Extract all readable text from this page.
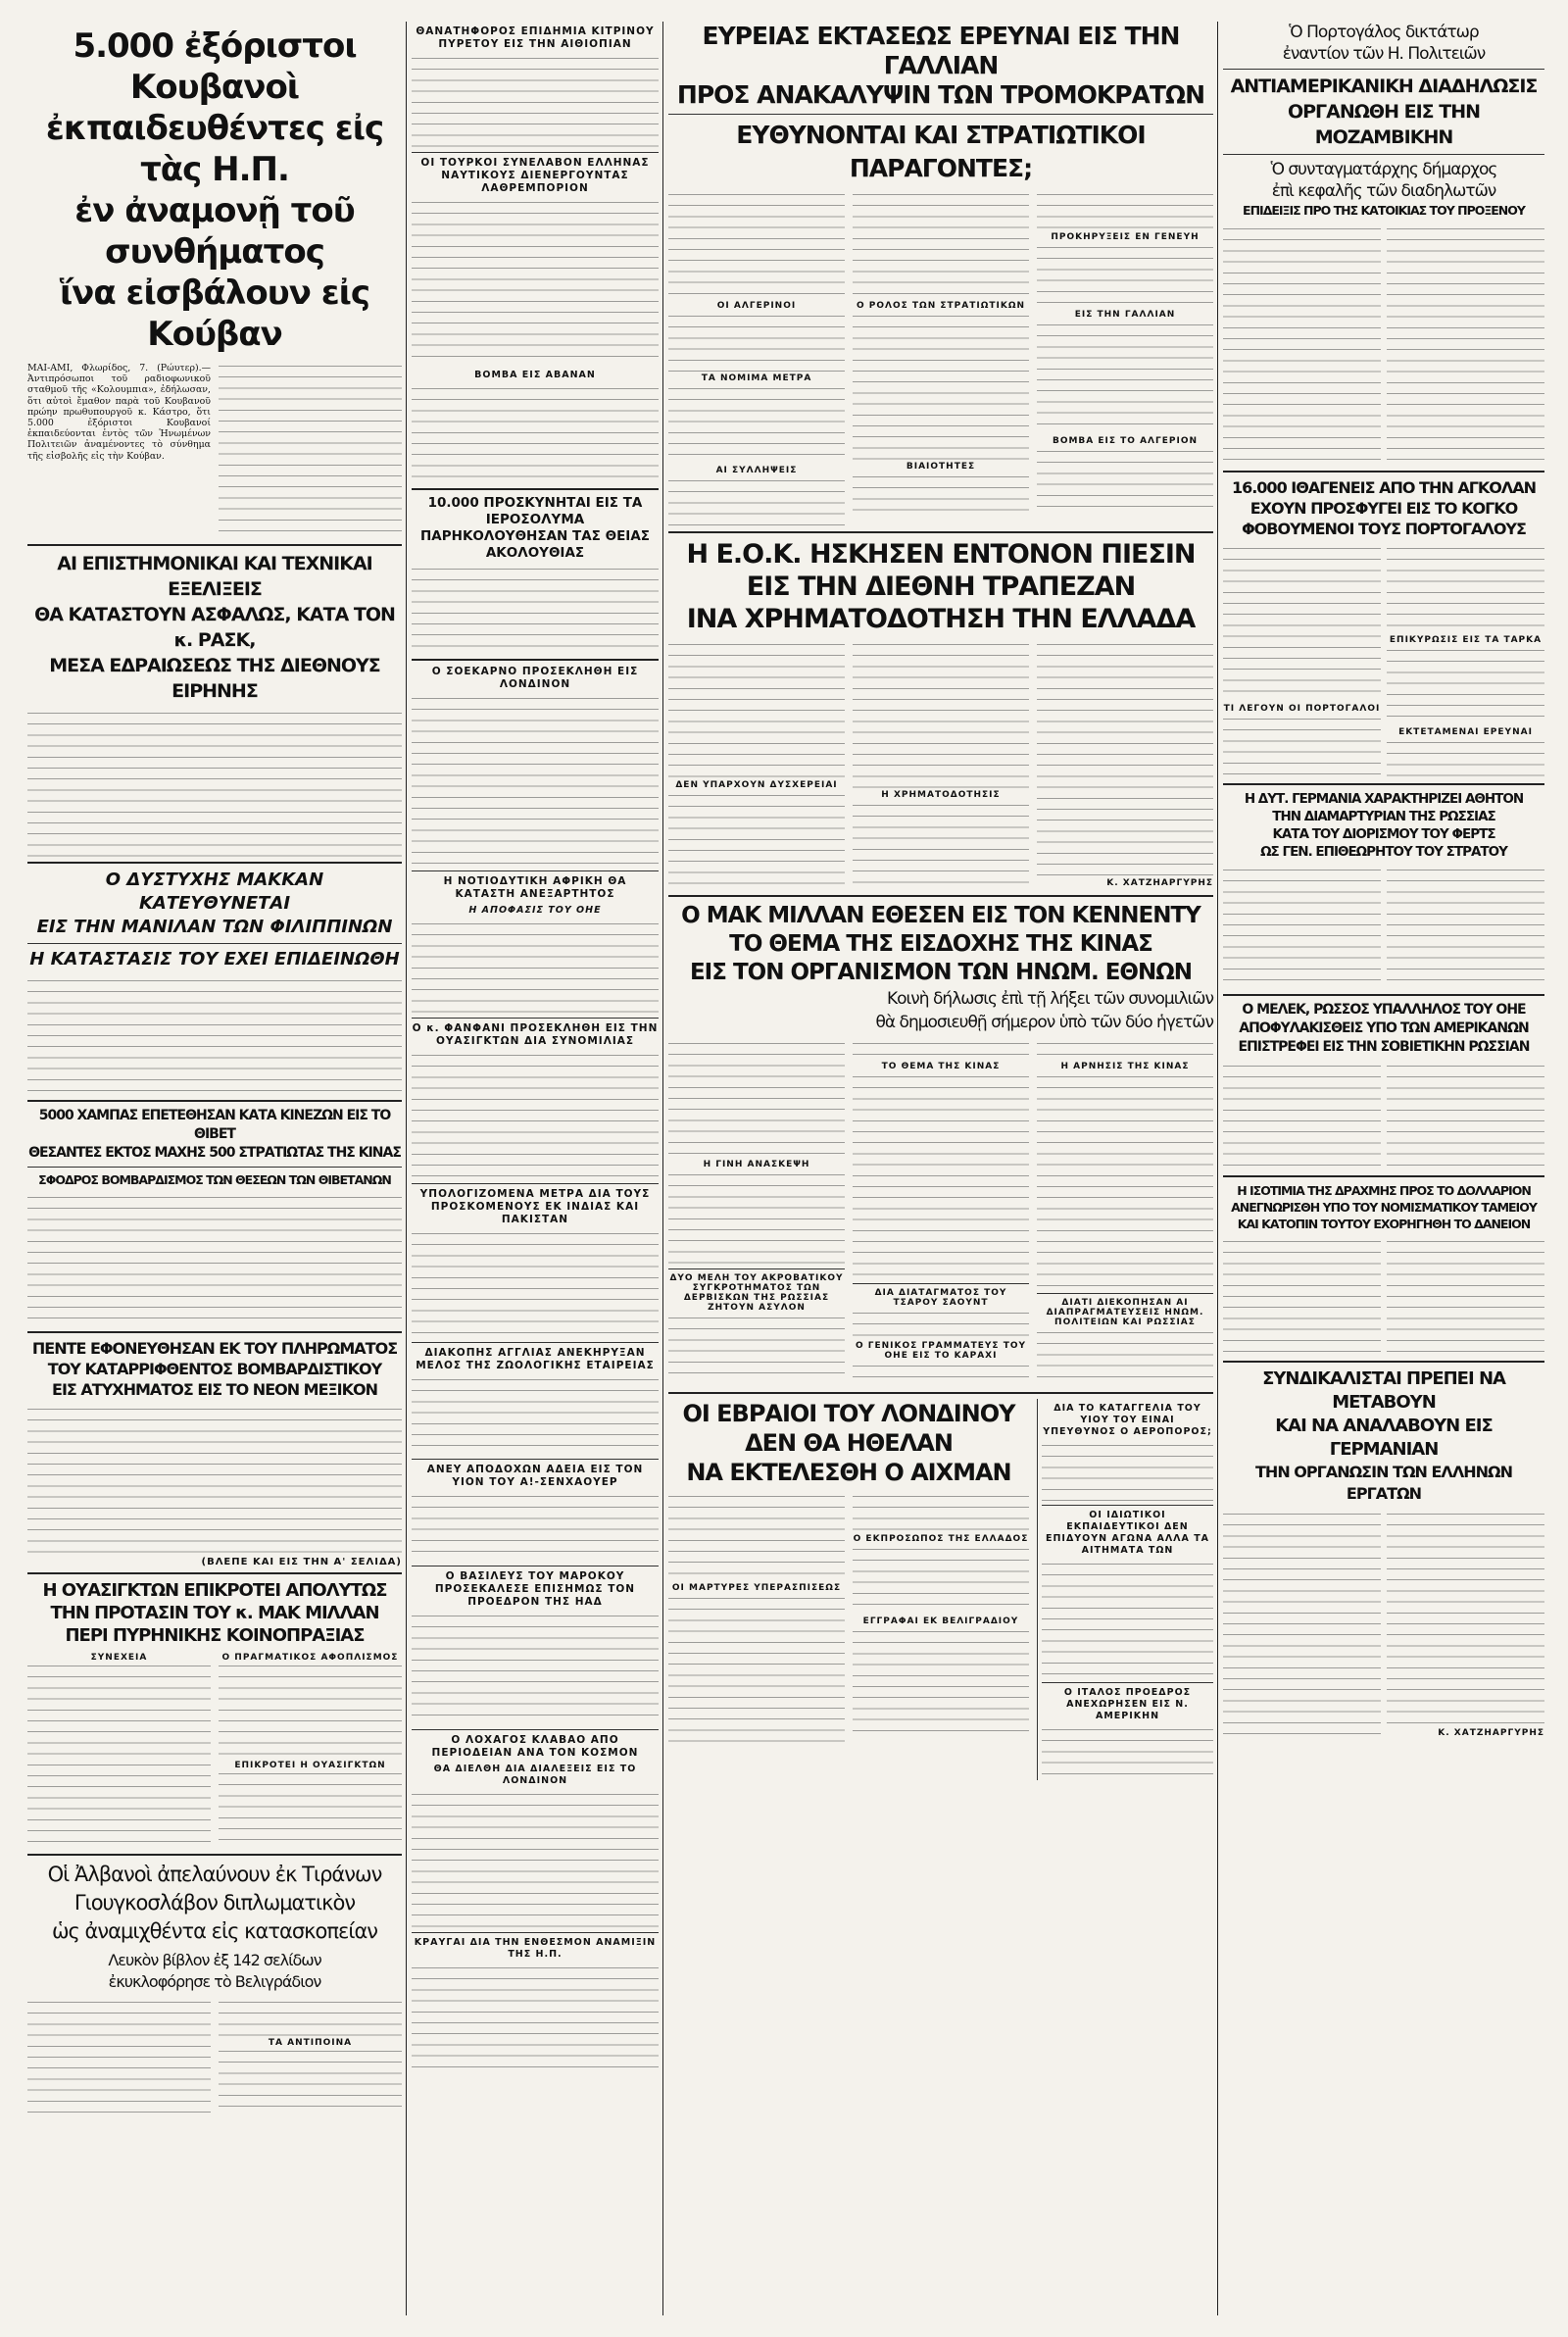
5.000 ἐξόριστοι Κουβανοὶ
ἐκπαιδευθέντες εἰς τὰς Η.Π.
ἐν ἀναμονῇ τοῦ συνθήματος
ἵνα εἰσβάλουν εἰς Κούβαν
ΜΑΙ-ΑΜΙ, Φλωρίδος, 7. (Ρώυτερ).— Ἀντιπρόσωποι τοῦ ραδιοφωνικοῦ σταθμοῦ τῆς «Κολουμπια», ἐδήλωσαν, ὅτι αὐτοὶ ἔμαθον παρὰ τοῦ Κουβανοῦ πρώην πρωθυπουργοῦ κ. Κάστρο, ὅτι 5.000 ἐξόριστοι Κουβανοί ἐκπαιδεύονται ἐντὸς τῶν Ἡνωμένων Πολιτειῶν ἀναμένοντες τὸ σύνθημα τῆς εἰσβολῆς εἰς τὴν Κούβαν.
ΑΙ ΕΠΙΣΤΗΜΟΝΙΚΑΙ ΚΑΙ ΤΕΧΝΙΚΑΙ ΕΞΕΛΙΞΕΙΣ
ΘΑ ΚΑΤΑΣΤΟΥΝ ΑΣΦΑΛΩΣ, ΚΑΤΑ ΤΟΝ κ. ΡΑΣΚ,
ΜΕΣΑ ΕΔΡΑΙΩΣΕΩΣ ΤΗΣ ΔΙΕΘΝΟΥΣ ΕΙΡΗΝΗΣ
Ο ΔΥΣΤΥΧΗΣ ΜΑΚΚΑΝ ΚΑΤΕΥΘΥΝΕΤΑΙ
ΕΙΣ ΤΗΝ ΜΑΝΙΛΑΝ ΤΩΝ ΦΙΛΙΠΠΙΝΩΝ
Η ΚΑΤΑΣΤΑΣΙΣ ΤΟΥ ΕΧΕΙ ΕΠΙΔΕΙΝΩΘΗ
5000 ΧΑΜΠΑΣ ΕΠΕΤΕΘΗΣΑΝ ΚΑΤΑ ΚΙΝΕΖΩΝ ΕΙΣ ΤΟ ΘΙΒΕΤ
ΘΕΣΑΝΤΕΣ ΕΚΤΟΣ ΜΑΧΗΣ 500 ΣΤΡΑΤΙΩΤΑΣ ΤΗΣ ΚΙΝΑΣ
ΣΦΟΔΡΟΣ ΒΟΜΒΑΡΔΙΣΜΟΣ ΤΩΝ ΘΕΣΕΩΝ ΤΩΝ ΘΙΒΕΤΑΝΩΝ
ΠΕΝΤΕ ΕΦΟΝΕΥΘΗΣΑΝ ΕΚ ΤΟΥ ΠΛΗΡΩΜΑΤΟΣ
ΤΟΥ ΚΑΤΑΡΡΙΦΘΕΝΤΟΣ ΒΟΜΒΑΡΔΙΣΤΙΚΟΥ
ΕΙΣ ΑΤΥΧΗΜΑΤΟΣ ΕΙΣ ΤΟ ΝΕΟΝ ΜΕΞΙΚΟΝ
(ΒΛΕΠΕ ΚΑΙ ΕΙΣ ΤΗΝ Α' ΣΕΛΙΔΑ)
Η ΟΥΑΣΙΓΚΤΩΝ ΕΠΙΚΡΟΤΕΙ ΑΠΟΛΥΤΩΣ
ΤΗΝ ΠΡΟΤΑΣΙΝ ΤΟΥ κ. ΜΑΚ ΜΙΛΛΑΝ
ΠΕΡΙ ΠΥΡΗΝΙΚΗΣ ΚΟΙΝΟΠΡΑΞΙΑΣ
ΣΥΝΕΧΕΙΑ	Ο ΠΡΑΓΜΑΤΙΚΟΣ ΑΦΟΠΛΙΣΜΟΣ
ΕΠΙΚΡΟΤΕΙ Η ΟΥΑΣΙΓΚΤΩΝ
Οἱ Ἀλβανοὶ ἀπελαύνουν ἐκ Τιράνων
Γιουγκοσλάβον διπλωματικὸν
ὡς ἀναμιχθέντα εἰς κατασκοπείαν
Λευκὸν βίβλον ἐξ 142 σελίδων
ἐκυκλοφόρησε τὸ Βελιγράδιον
ΤΑ ΑΝΤΙΠΟΙΝΑ
ΘΑΝΑΤΗΦΟΡΟΣ ΕΠΙΔΗΜΙΑ ΚΙΤΡΙΝΟΥ ΠΥΡΕΤΟΥ ΕΙΣ ΤΗΝ ΑΙΘΙΟΠΙΑΝ
ΟΙ ΤΟΥΡΚΟΙ ΣΥΝΕΛΑΒΟΝ ΕΛΛΗΝΑΣ ΝΑΥΤΙΚΟΥΣ ΔΙΕΝΕΡΓΟΥΝΤΑΣ ΛΑΘΡΕΜΠΟΡΙΟΝ
ΒΟΜΒΑ ΕΙΣ ΑΒΑΝΑΝ
10.000 ΠΡΟΣΚΥΝΗΤΑΙ ΕΙΣ ΤΑ ΙΕΡΟΣΟΛΥΜΑ ΠΑΡΗΚΟΛΟΥΘΗΣΑΝ ΤΑΣ ΘΕΙΑΣ ΑΚΟΛΟΥΘΙΑΣ
Ο ΣΟΕΚΑΡΝΟ ΠΡΟΣΕΚΛΗΘΗ ΕΙΣ ΛΟΝΔΙΝΟΝ
Η ΝΟΤΙΟΔΥΤΙΚΗ ΑΦΡΙΚΗ ΘΑ ΚΑΤΑΣΤΗ ΑΝΕΞΑΡΤΗΤΟΣ
Η ΑΠΟΦΑΣΙΣ ΤΟΥ ΟΗΕ
Ο κ. ΦΑΝΦΑΝΙ ΠΡΟΣΕΚΛΗΘΗ ΕΙΣ ΤΗΝ ΟΥΑΣΙΓΚΤΩΝ ΔΙΑ ΣΥΝΟΜΙΛΙΑΣ
ΥΠΟΛΟΓΙΖΟΜΕΝΑ ΜΕΤΡΑ ΔΙΑ ΤΟΥΣ ΠΡΟΣΚΟΜΕΝΟΥΣ ΕΚ ΙΝΔΙΑΣ ΚΑΙ ΠΑΚΙΣΤΑΝ
ΔΙΑΚΟΠΗΣ ΑΓΓΛΙΑΣ ΑΝΕΚΗΡΥΞΑΝ ΜΕΛΟΣ ΤΗΣ ΖΩΟΛΟΓΙΚΗΣ ΕΤΑΙΡΕΙΑΣ
ΑΝΕΥ ΑΠΟΔΟΧΩΝ ΑΔΕΙΑ ΕΙΣ ΤΟΝ ΥΙΟΝ ΤΟΥ Α!-ΣΕΝΧΑΟΥΕΡ
Ο ΒΑΣΙΛΕΥΣ ΤΟΥ ΜΑΡΟΚΟΥ ΠΡΟΣΕΚΑΛΕΣΕ ΕΠΙΣΗΜΩΣ ΤΟΝ ΠΡΟΕΔΡΟΝ ΤΗΣ ΗΑΔ
Ο ΛΟΧΑΓΟΣ ΚΛΑΒΑΟ ΑΠΟ ΠΕΡΙΟΔΕΙΑΝ ΑΝΑ ΤΟΝ ΚΟΣΜΟΝ
ΘΑ ΔΙΕΛΘΗ ΔΙΑ ΔΙΑΛΕΞΕΙΣ ΕΙΣ ΤΟ ΛΟΝΔΙΝΟΝ
ΚΡΑΥΓΑΙ ΔΙΑ ΤΗΝ ΕΝΘΕΣΜΟΝ ΑΝΑΜΙΞΙΝ ΤΗΣ Η.Π.
ΕΥΡΕΙΑΣ ΕΚΤΑΣΕΩΣ ΕΡΕΥΝΑΙ ΕΙΣ ΤΗΝ ΓΑΛΛΙΑΝ
ΠΡΟΣ ΑΝΑΚΑΛΥΨΙΝ ΤΩΝ ΤΡΟΜΟΚΡΑΤΩΝ
ΕΥΘΥΝΟΝΤΑΙ ΚΑΙ ΣΤΡΑΤΙΩΤΙΚΟΙ ΠΑΡΑΓΟΝΤΕΣ;
ΟΙ ΑΛΓΕΡΙΝΟΙ
ΤΑ ΝΟΜΙΜΑ ΜΕΤΡΑ
ΑΙ ΣΥΛΛΗΨΕΙΣ
Ο ΡΟΛΟΣ ΤΩΝ ΣΤΡΑΤΙΩΤΙΚΩΝ
ΒΙΑΙΟΤΗΤΕΣ
ΠΡΟΚΗΡΥΞΕΙΣ ΕΝ ΓΕΝΕΥΗ
ΕΙΣ ΤΗΝ ΓΑΛΛΙΑΝ
ΒΟΜΒΑ ΕΙΣ ΤΟ ΑΛΓΕΡΙΟΝ
Η Ε.Ο.Κ. ΗΣΚΗΣΕΝ ΕΝΤΟΝΟΝ ΠΙΕΣΙΝ
ΕΙΣ ΤΗΝ ΔΙΕΘΝΗ ΤΡΑΠΕΖΑΝ
ΙΝΑ ΧΡΗΜΑΤΟΔΟΤΗΣΗ ΤΗΝ ΕΛΛΑΔΑ
ΔΕΝ ΥΠΑΡΧΟΥΝ ΔΥΣΧΕΡΕΙΑΙ
Η ΧΡΗΜΑΤΟΔΟΤΗΣΙΣ
Κ. ΧΑΤΖΗΑΡΓΥΡΗΣ
Ο ΜΑΚ ΜΙΛΛΑΝ ΕΘΕΣΕΝ ΕΙΣ ΤΟΝ ΚΕΝΝΕΝΤΥ
ΤΟ ΘΕΜΑ ΤΗΣ ΕΙΣΔΟΧΗΣ ΤΗΣ ΚΙΝΑΣ
ΕΙΣ ΤΟΝ ΟΡΓΑΝΙΣΜΟΝ ΤΩΝ ΗΝΩΜ. ΕΘΝΩΝ
Κοινὴ δήλωσις ἐπὶ τῇ λήξει τῶν συνομιλιῶν
θὰ δημοσιευθῇ σήμερον ὑπὸ τῶν δύο ἡγετῶν
Η ΓΙΝΗ ΑΝΑΣΚΕΨΗ
ΔΥΟ ΜΕΛΗ ΤΟΥ ΑΚΡΟΒΑΤΙΚΟΥ ΣΥΓΚΡΟΤΗΜΑΤΟΣ ΤΩΝ ΔΕΡΒΙΣΚΩΝ ΤΗΣ ΡΩΣΣΙΑΣ ΖΗΤΟΥΝ ΑΣΥΛΟΝ
ΤΟ ΘΕΜΑ ΤΗΣ ΚΙΝΑΣ
ΔΙΑ ΔΙΑΤΑΓΜΑΤΟΣ ΤΟΥ ΤΣΑΡΟΥ ΣΑΟΥΝΤ
Ο ΓΕΝΙΚΟΣ ΓΡΑΜΜΑΤΕΥΣ ΤΟΥ ΟΗΕ ΕΙΣ ΤΟ ΚΑΡΑΧΙ
Η ΑΡΝΗΣΙΣ ΤΗΣ ΚΙΝΑΣ
ΔΙΑΤΙ ΔΙΕΚΟΠΗΣΑΝ ΑΙ ΔΙΑΠΡΑΓΜΑΤΕΥΣΕΙΣ ΗΝΩΜ. ΠΟΛΙΤΕΙΩΝ ΚΑΙ ΡΩΣΣΙΑΣ
ΟΙ ΕΒΡΑΙΟΙ ΤΟΥ ΛΟΝΔΙΝΟΥ
ΔΕΝ ΘΑ ΗΘΕΛΑΝ
ΝΑ ΕΚΤΕΛΕΣΘΗ Ο ΑΙΧΜΑΝ
ΟΙ ΜΑΡΤΥΡΕΣ ΥΠΕΡΑΣΠΙΣΕΩΣ
Ο ΕΚΠΡΟΣΩΠΟΣ ΤΗΣ ΕΛΛΑΔΟΣ
ΕΓΓΡΑΦΑΙ ΕΚ ΒΕΛΙΓΡΑΔΙΟΥ
ΔΙΑ ΤΟ ΚΑΤΑΓΓΕΛΙΑ ΤΟΥ ΥΙΟΥ ΤΟΥ ΕΙΝΑΙ ΥΠΕΥΘΥΝΟΣ Ο ΑΕΡΟΠΟΡΟΣ;
ΟΙ ΙΔΙΩΤΙΚΟΙ ΕΚΠΑΙΔΕΥΤΙΚΟΙ ΔΕΝ ΕΠΙΔΥΟΥΝ ΑΓΩΝΑ ΑΛΛΑ ΤΑ ΑΙΤΗΜΑΤΑ ΤΩΝ
Ο ΙΤΑΛΟΣ ΠΡΟΕΔΡΟΣ ΑΝΕΧΩΡΗΣΕΝ ΕΙΣ Ν. ΑΜΕΡΙΚΗΝ
Ὁ Πορτογάλος δικτάτωρ
ἐναντίον τῶν Η. Πολιτειῶν
ΑΝΤΙΑΜΕΡΙΚΑΝΙΚΗ ΔΙΑΔΗΛΩΣΙΣ
ΟΡΓΑΝΩΘΗ ΕΙΣ ΤΗΝ ΜΟΖΑΜΒΙΚΗΝ
Ὁ συνταγματάρχης δήμαρχος
ἐπὶ κεφαλῆς τῶν διαδηλωτῶν
ΕΠΙΔΕΙΞΙΣ ΠΡΟ ΤΗΣ ΚΑΤΟΙΚΙΑΣ ΤΟΥ ΠΡΟΞΕΝΟΥ
16.000 ΙΘΑΓΕΝΕΙΣ ΑΠΟ ΤΗΝ ΑΓΚΟΛΑΝ
ΕΧΟΥΝ ΠΡΟΣΦΥΓΕΙ ΕΙΣ ΤΟ ΚΟΓΚΟ
ΦΟΒΟΥΜΕΝΟΙ ΤΟΥΣ ΠΟΡΤΟΓΑΛΟΥΣ
ΤΙ ΛΕΓΟΥΝ ΟΙ ΠΟΡΤΟΓΑΛΟΙ
ΕΠΙΚΥΡΩΣΙΣ ΕΙΣ ΤΑ ΤΑΡΚΑ
ΕΚΤΕΤΑΜΕΝΑΙ ΕΡΕΥΝΑΙ
Η ΔΥΤ. ΓΕΡΜΑΝΙΑ ΧΑΡΑΚΤΗΡΙΖΕΙ ΑΘΗΤΟΝ
ΤΗΝ ΔΙΑΜΑΡΤΥΡΙΑΝ ΤΗΣ ΡΩΣΣΙΑΣ
ΚΑΤΑ ΤΟΥ ΔΙΟΡΙΣΜΟΥ ΤΟΥ ΦΕΡΤΣ
ΩΣ ΓΕΝ. ΕΠΙΘΕΩΡΗΤΟΥ ΤΟΥ ΣΤΡΑΤΟΥ
Ο ΜΕΛΕΚ, ΡΩΣΣΟΣ ΥΠΑΛΛΗΛΟΣ ΤΟΥ ΟΗΕ
ΑΠΟΦΥΛΑΚΙΣΘΕΙΣ ΥΠΟ ΤΩΝ ΑΜΕΡΙΚΑΝΩΝ
ΕΠΙΣΤΡΕΦΕΙ ΕΙΣ ΤΗΝ ΣΟΒΙΕΤΙΚΗΝ ΡΩΣΣΙΑΝ
Η ΙΣΟΤΙΜΙΑ ΤΗΣ ΔΡΑΧΜΗΣ ΠΡΟΣ ΤΟ ΔΟΛΛΑΡΙΟΝ
ΑΝΕΓΝΩΡΙΣΘΗ ΥΠΟ ΤΟΥ ΝΟΜΙΣΜΑΤΙΚΟΥ ΤΑΜΕΙΟΥ
ΚΑΙ ΚΑΤΟΠΙΝ ΤΟΥΤΟΥ ΕΧΟΡΗΓΗΘΗ ΤΟ ΔΑΝΕΙΟΝ
ΣΥΝΔΙΚΑΛΙΣΤΑΙ ΠΡΕΠΕΙ ΝΑ ΜΕΤΑΒΟΥΝ
ΚΑΙ ΝΑ ΑΝΑΛΑΒΟΥΝ ΕΙΣ ΓΕΡΜΑΝΙΑΝ
ΤΗΝ ΟΡΓΑΝΩΣΙΝ ΤΩΝ ΕΛΛΗΝΩΝ ΕΡΓΑΤΩΝ
Κ. ΧΑΤΖΗΑΡΓΥΡΗΣ
